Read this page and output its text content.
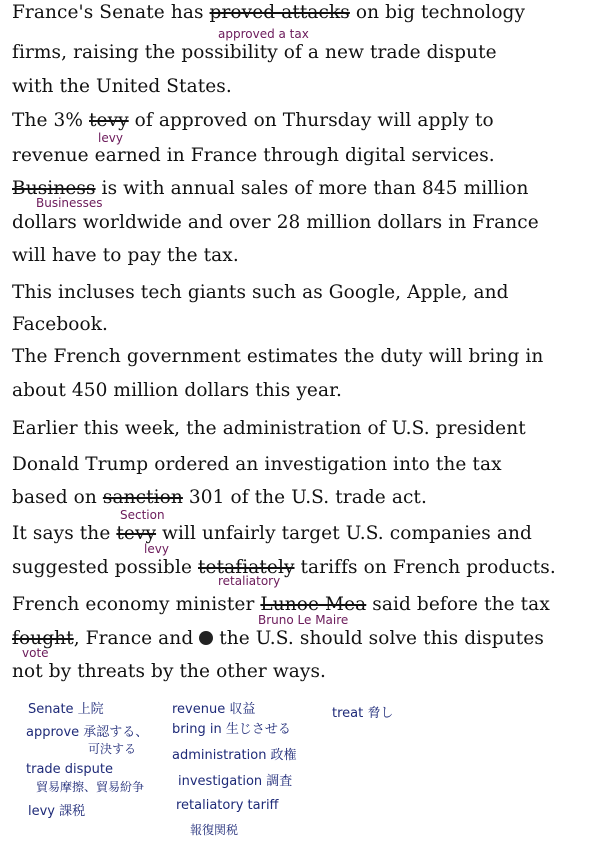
France's Senate has proved attacks on big technology
approved a tax
firms, raising the possibility of a new trade dispute
with the United States.
The 3% tevy of approved on Thursday will apply to
levy
revenue earned in France through digital services.
Business is with annual sales of more than 845 million
Businesses
dollars worldwide and over 28 million dollars in France
will have to pay the tax.
This incluses tech giants such as Google, Apple, and
Facebook.
The French government estimates the duty will bring in
about 450 million dollars this year.
Earlier this week, the administration of U.S. president
Donald Trump ordered an investigation into the tax
based on sanction 301 of the U.S. trade act.
Section
It says the tevy will unfairly target U.S. companies and
levy
suggested possible tetafiately tariffs on French products.
retaliatory
French economy minister Lunoe Mea said before the tax
Bruno Le Maire
fought, France and  the U.S. should solve this disputes
vote
not by threats by the other ways.
Senate 上院
approve 承認する、
可決する
trade dispute
貿易摩擦、貿易紛争
levy 課税
revenue 収益
bring in 生じさせる
administration 政権
investigation 調査
retaliatory tariff
報復関税
treat 脅し
